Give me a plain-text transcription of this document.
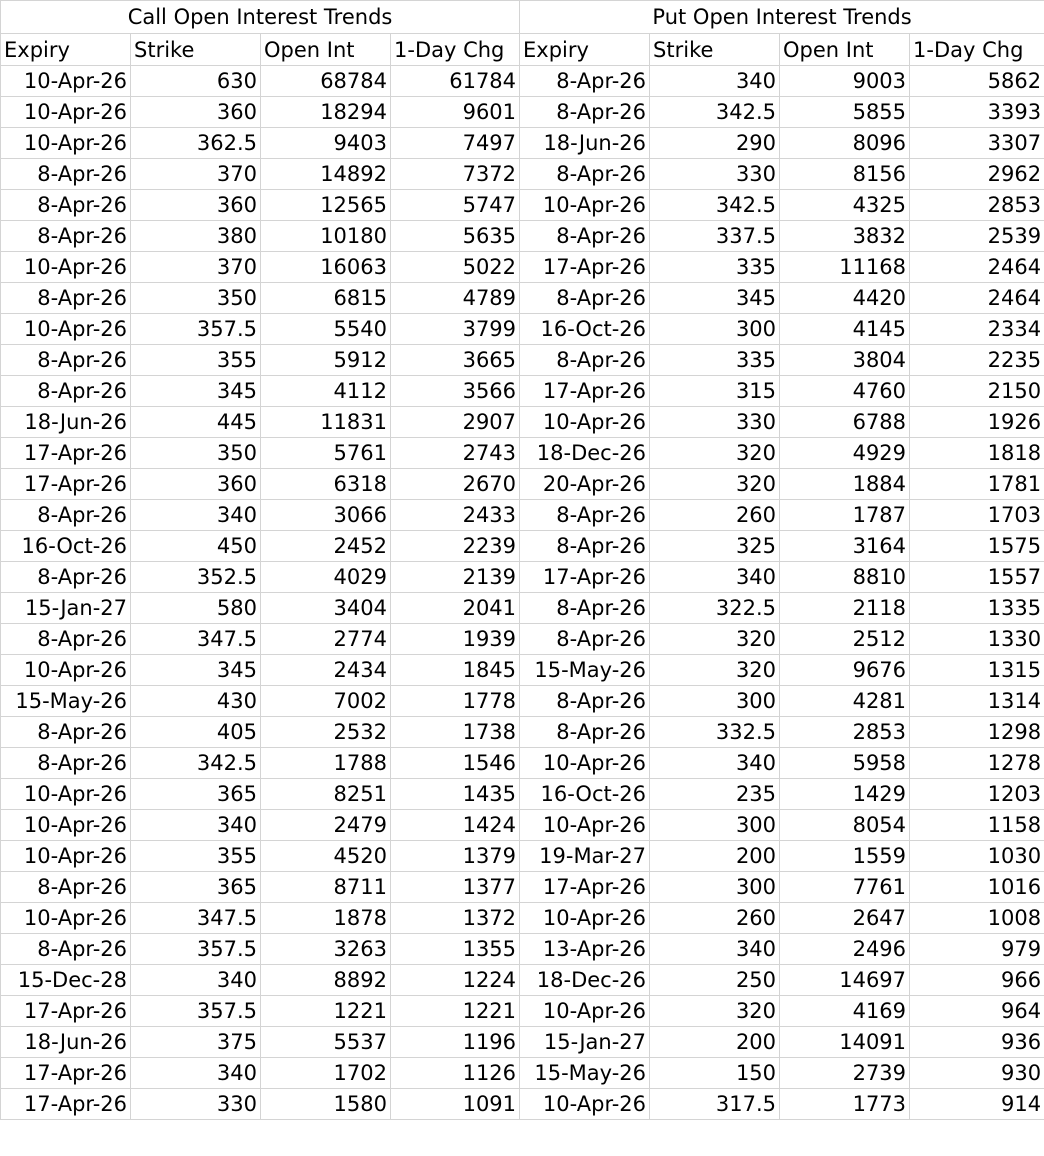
Call Open Interest Trends				Put Open Interest Trends			
Expiry	Strike	Open Int	1-Day Chg	Expiry	Strike	Open Int	1-Day Chg
10-Apr-26	630	68784	61784	8-Apr-26	340	9003	5862
10-Apr-26	360	18294	9601	8-Apr-26	342.5	5855	3393
10-Apr-26	362.5	9403	7497	18-Jun-26	290	8096	3307
8-Apr-26	370	14892	7372	8-Apr-26	330	8156	2962
8-Apr-26	360	12565	5747	10-Apr-26	342.5	4325	2853
8-Apr-26	380	10180	5635	8-Apr-26	337.5	3832	2539
10-Apr-26	370	16063	5022	17-Apr-26	335	11168	2464
8-Apr-26	350	6815	4789	8-Apr-26	345	4420	2464
10-Apr-26	357.5	5540	3799	16-Oct-26	300	4145	2334
8-Apr-26	355	5912	3665	8-Apr-26	335	3804	2235
8-Apr-26	345	4112	3566	17-Apr-26	315	4760	2150
18-Jun-26	445	11831	2907	10-Apr-26	330	6788	1926
17-Apr-26	350	5761	2743	18-Dec-26	320	4929	1818
17-Apr-26	360	6318	2670	20-Apr-26	320	1884	1781
8-Apr-26	340	3066	2433	8-Apr-26	260	1787	1703
16-Oct-26	450	2452	2239	8-Apr-26	325	3164	1575
8-Apr-26	352.5	4029	2139	17-Apr-26	340	8810	1557
15-Jan-27	580	3404	2041	8-Apr-26	322.5	2118	1335
8-Apr-26	347.5	2774	1939	8-Apr-26	320	2512	1330
10-Apr-26	345	2434	1845	15-May-26	320	9676	1315
15-May-26	430	7002	1778	8-Apr-26	300	4281	1314
8-Apr-26	405	2532	1738	8-Apr-26	332.5	2853	1298
8-Apr-26	342.5	1788	1546	10-Apr-26	340	5958	1278
10-Apr-26	365	8251	1435	16-Oct-26	235	1429	1203
10-Apr-26	340	2479	1424	10-Apr-26	300	8054	1158
10-Apr-26	355	4520	1379	19-Mar-27	200	1559	1030
8-Apr-26	365	8711	1377	17-Apr-26	300	7761	1016
10-Apr-26	347.5	1878	1372	10-Apr-26	260	2647	1008
8-Apr-26	357.5	3263	1355	13-Apr-26	340	2496	979
15-Dec-28	340	8892	1224	18-Dec-26	250	14697	966
17-Apr-26	357.5	1221	1221	10-Apr-26	320	4169	964
18-Jun-26	375	5537	1196	15-Jan-27	200	14091	936
17-Apr-26	340	1702	1126	15-May-26	150	2739	930
17-Apr-26	330	1580	1091	10-Apr-26	317.5	1773	914
